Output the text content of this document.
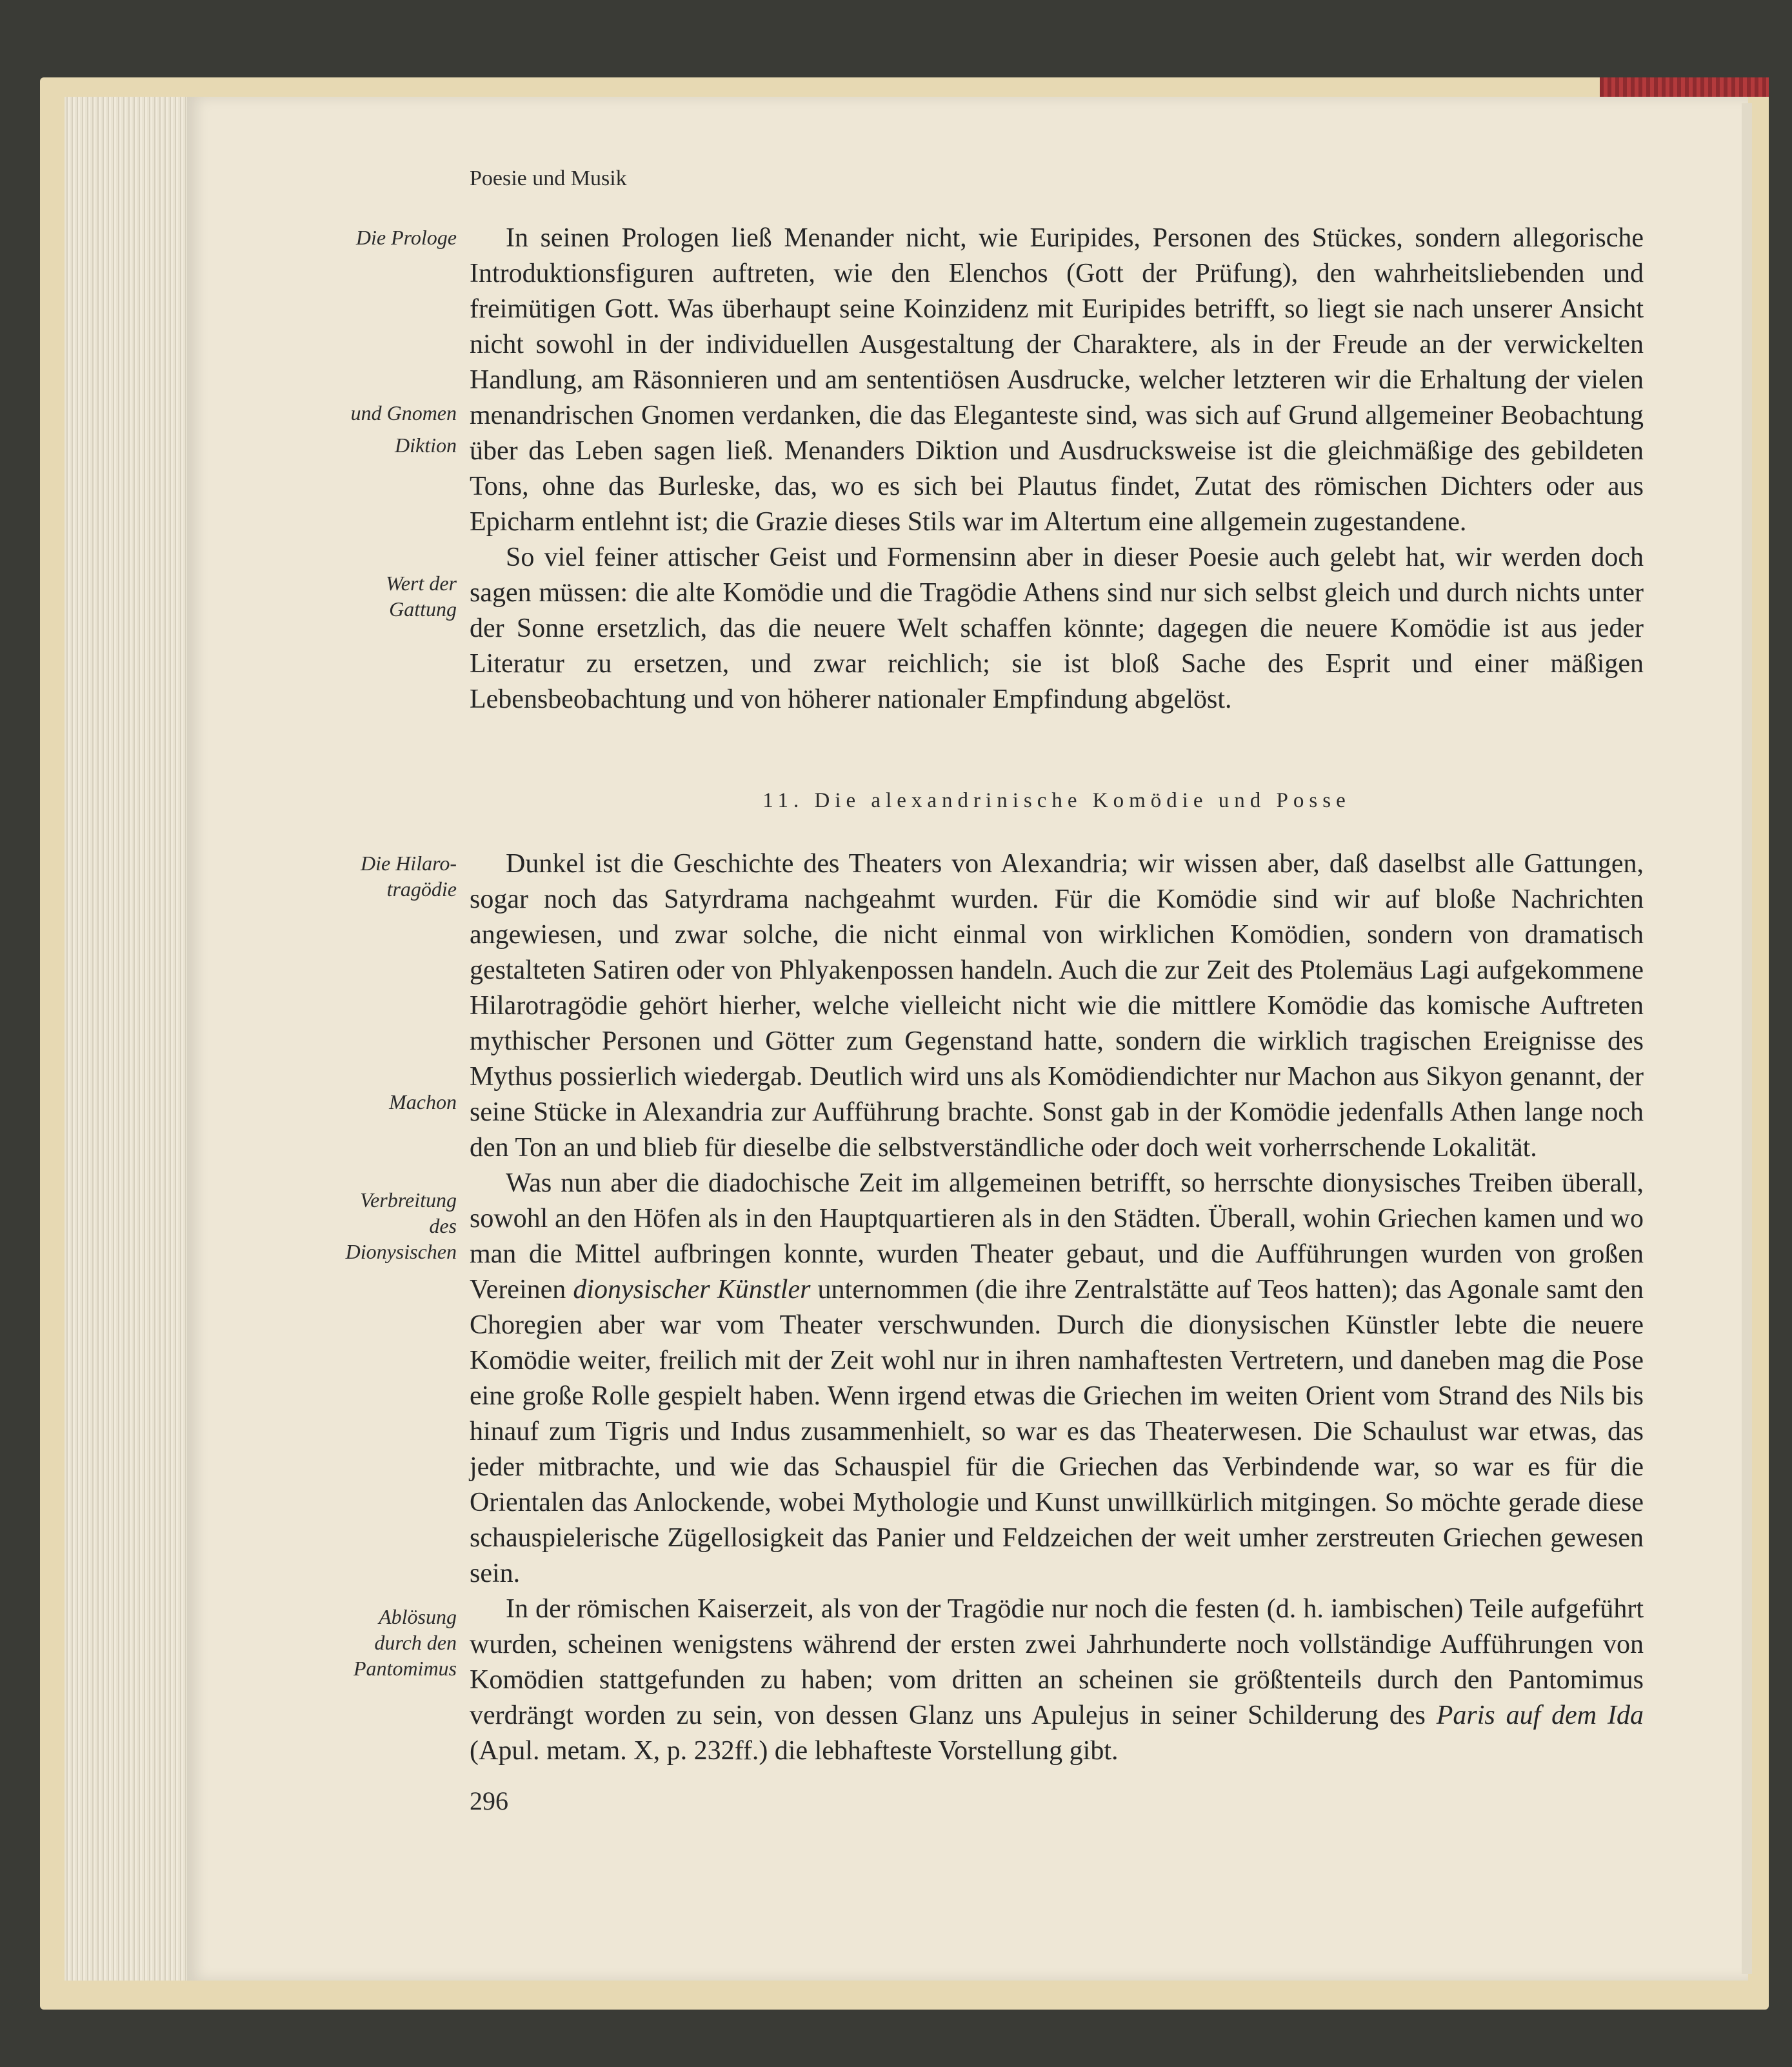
Poesie und Musik
Die Prologe
und Gnomen
Diktion
Wert der
Gattung
Die Hilaro-
tragödie
Machon
Verbreitung
des
Dionysischen
Ablösung
durch den
Pantomimus

In seinen Prologen ließ Menander nicht, wie Euripides, Personen des Stückes, sondern allegorische Introduktionsfiguren auftreten, wie den Elenchos (Gott der Prüfung), den wahrheitsliebenden und freimütigen Gott. Was überhaupt seine Koinzidenz mit Euripides betrifft, so liegt sie nach unserer Ansicht nicht sowohl in der individuellen Ausgestaltung der Charaktere, als in der Freude an der verwickelten Handlung, am Räsonnieren und am sententiösen Ausdrucke, welcher letzteren wir die Erhaltung der vielen menandrischen Gnomen verdanken, die das Eleganteste sind, was sich auf Grund allgemeiner Beobachtung über das Leben sagen ließ. Menanders Diktion und Ausdrucksweise ist die gleichmäßige des gebildeten Tons, ohne das Burleske, das, wo es sich bei Plautus findet, Zutat des römischen Dichters oder aus Epicharm entlehnt ist; die Grazie dieses Stils war im Altertum eine allgemein zugestandene.

So viel feiner attischer Geist und Formensinn aber in dieser Poesie auch gelebt hat, wir werden doch sagen müssen: die alte Komödie und die Tragödie Athens sind nur sich selbst gleich und durch nichts unter der Sonne ersetzlich, das die neuere Welt schaffen könnte; dagegen die neuere Komödie ist aus jeder Literatur zu ersetzen, und zwar reichlich; sie ist bloß Sache des Esprit und einer mäßigen Lebensbeobachtung und von höherer nationaler Empfindung abgelöst.

11. Die alexandrinische Komödie und Posse

Dunkel ist die Geschichte des Theaters von Alexandria; wir wissen aber, daß daselbst alle Gattungen, sogar noch das Satyrdrama nachgeahmt wurden. Für die Komödie sind wir auf bloße Nachrichten angewiesen, und zwar solche, die nicht einmal von wirklichen Komödien, sondern von dramatisch gestalteten Satiren oder von Phlyakenpossen handeln. Auch die zur Zeit des Ptolemäus Lagi aufgekommene Hilarotragödie gehört hierher, welche vielleicht nicht wie die mittlere Komödie das komische Auftreten mythischer Personen und Götter zum Gegenstand hatte, sondern die wirklich tragischen Ereignisse des Mythus possierlich wiedergab. Deutlich wird uns als Komödiendichter nur Machon aus Sikyon genannt, der seine Stücke in Alexandria zur Aufführung brachte. Sonst gab in der Komödie jedenfalls Athen lange noch den Ton an und blieb für dieselbe die selbstverständliche oder doch weit vorherrschende Lokalität.

Was nun aber die diadochische Zeit im allgemeinen betrifft, so herrschte dionysisches Treiben überall, sowohl an den Höfen als in den Hauptquartieren als in den Städten. Überall, wohin Griechen kamen und wo man die Mittel aufbringen konnte, wurden Theater gebaut, und die Aufführungen wurden von großen Vereinen dionysischer Künstler unternommen (die ihre Zentralstätte auf Teos hatten); das Agonale samt den Choregien aber war vom Theater verschwunden. Durch die dionysischen Künstler lebte die neuere Komödie weiter, freilich mit der Zeit wohl nur in ihren namhaftesten Vertretern, und daneben mag die Pose eine große Rolle gespielt haben. Wenn irgend etwas die Griechen im weiten Orient vom Strand des Nils bis hinauf zum Tigris und Indus zusammenhielt, so war es das Theaterwesen. Die Schaulust war etwas, das jeder mitbrachte, und wie das Schauspiel für die Griechen das Verbindende war, so war es für die Orientalen das Anlockende, wobei Mythologie und Kunst unwillkürlich mitgingen. So möchte gerade diese schauspielerische Zügellosigkeit das Panier und Feldzeichen der weit umher zerstreuten Griechen gewesen sein.

In der römischen Kaiserzeit, als von der Tragödie nur noch die festen (d. h. iambischen) Teile aufgeführt wurden, scheinen wenigstens während der ersten zwei Jahrhunderte noch vollständige Aufführungen von Komödien stattgefunden zu haben; vom dritten an scheinen sie größtenteils durch den Pantomimus verdrängt worden zu sein, von dessen Glanz uns Apulejus in seiner Schilderung des Paris auf dem Ida (Apul. metam. X, p. 232ff.) die lebhafteste Vorstellung gibt.

296
